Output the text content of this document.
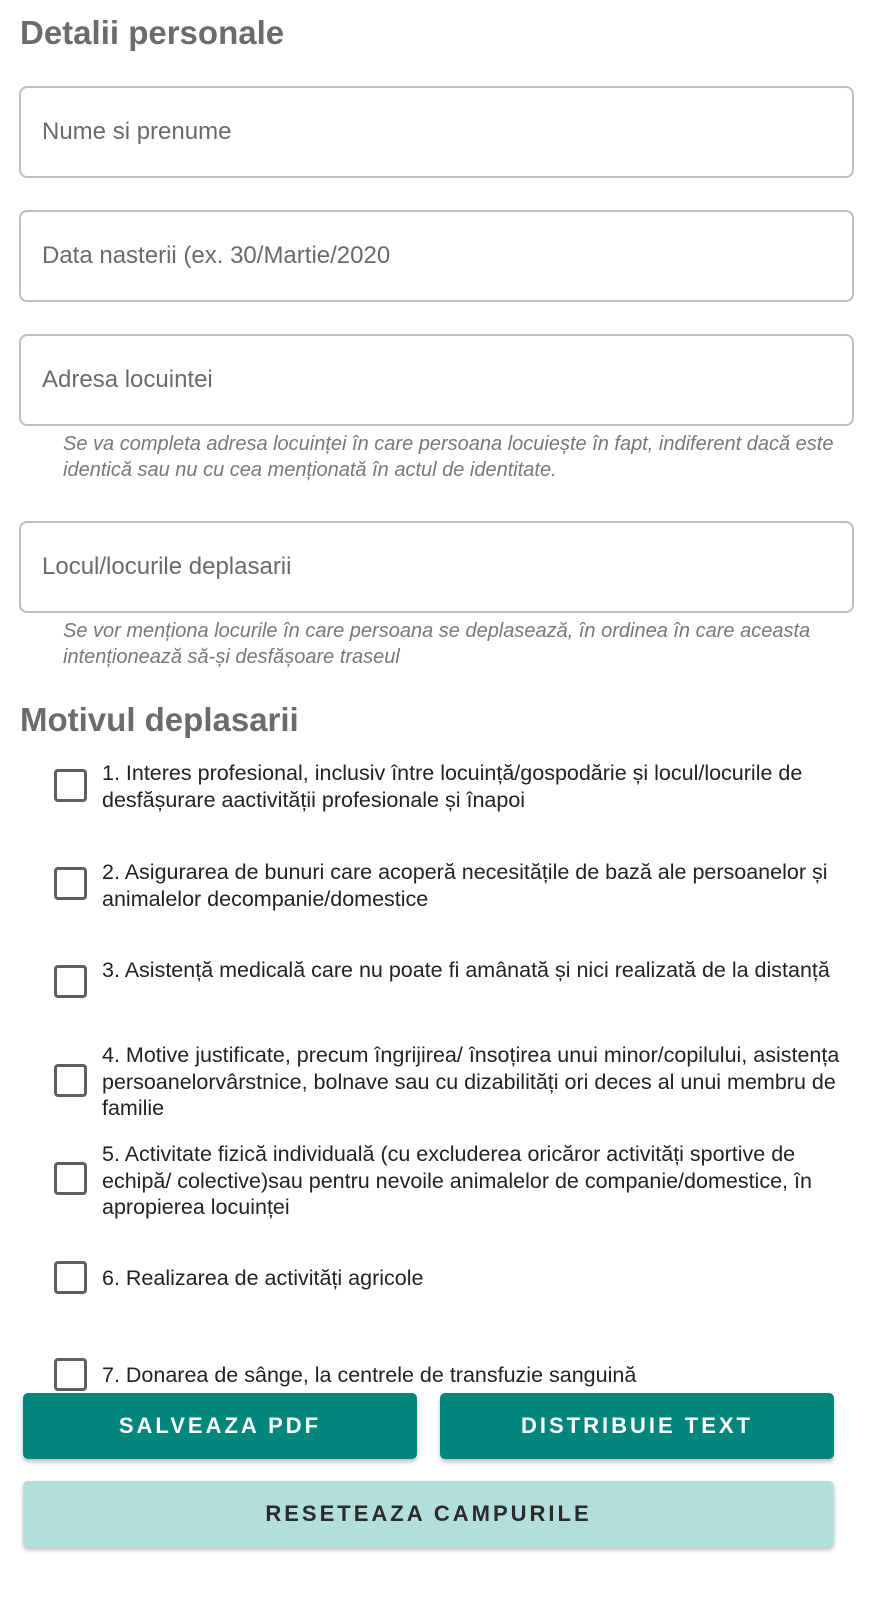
Detalii personale
Nume si prenume
Data nasterii (ex. 30/Martie/2020
Adresa locuintei

Se va completa adresa locuinței în care persoana locuiește în fapt, indiferent dacă este identică sau nu cu cea menționată în actul de identitate.

Locul/locurile deplasarii

Se vor menționa locurile în care persoana se deplasează, în ordinea în care aceasta intenționează să-și desfășoare traseul

Motivul deplasarii

1. Interes profesional, inclusiv între locuință/gospodărie și locul/locurile de desfășurare aactivității profesionale și înapoi

2. Asigurarea de bunuri care acoperă necesitățile de bază ale persoanelor și animalelor decompanie/domestice

3. Asistență medicală care nu poate fi amânată și nici realizată de la distanță

4. Motive justificate, precum îngrijirea/ însoțirea unui minor/copilului, asistența persoanelorvârstnice, bolnave sau cu dizabilități ori deces al unui membru de familie

5. Activitate fizică individuală (cu excluderea oricăror activități sportive de echipă/ colective)sau pentru nevoile animalelor de companie/domestice, în apropierea locuinței

6. Realizarea de activități agricole

7. Donarea de sânge, la centrele de transfuzie sanguină

SALVEAZA PDF	DISTRIBUIE TEXT
RESETEAZA CAMPURILE
